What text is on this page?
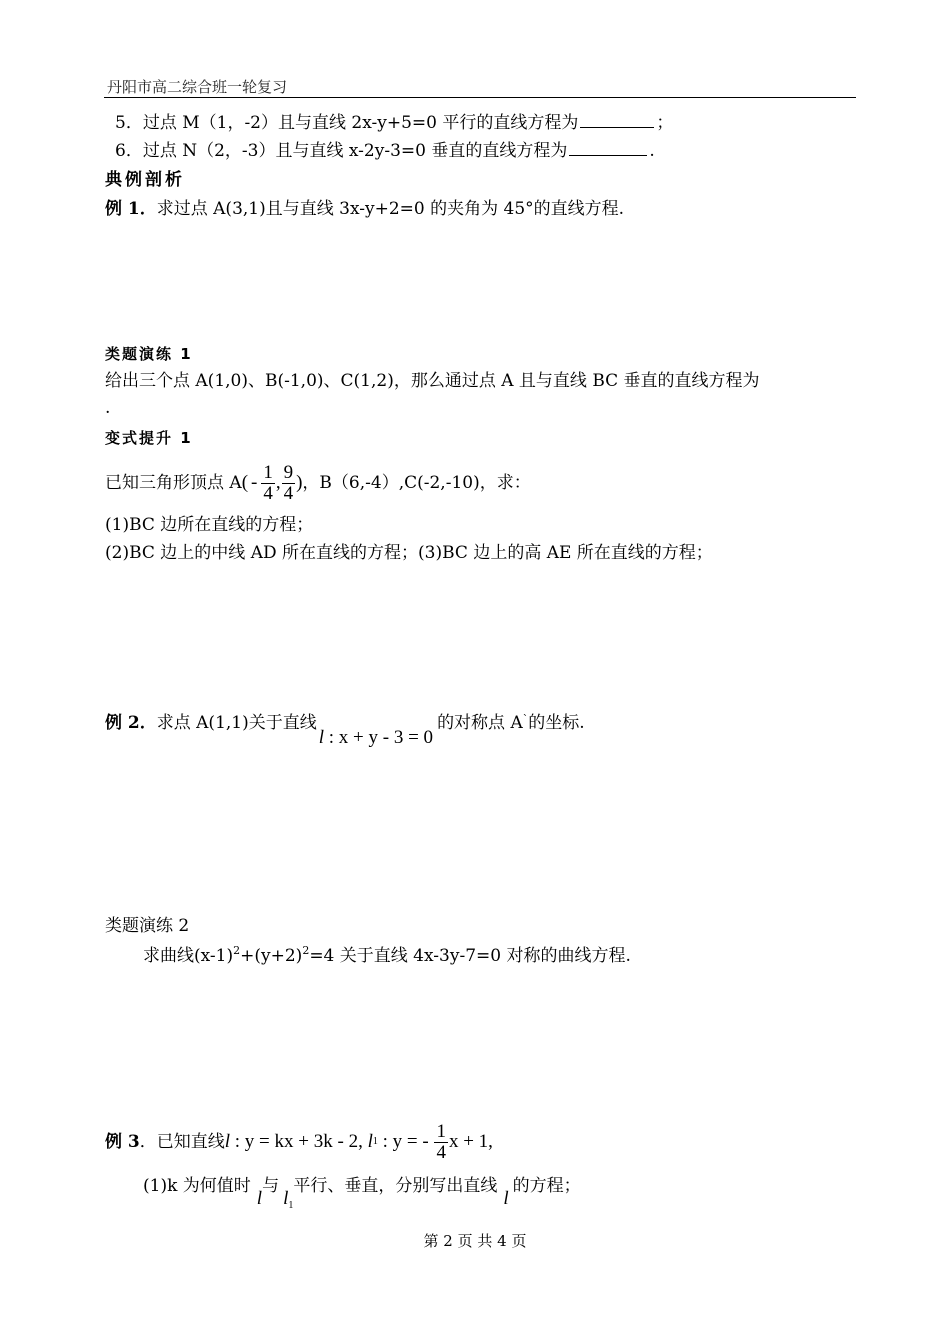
丹阳市高二综合班一轮复习
5．过点 M（1，-2）且与直线 2x-y+5=0 平行的直线方程为	；
6．过点 N（2，-3）且与直线 x-2y-3=0 垂直的直线方程为	.
典例剖析
例 1．求过点 A(3,1)且与直线 3x-y+2=0 的夹角为 45°的直线方程.
类题演练 1
给出三个点 A(1,0)、B(-1,0)、C(1,2)，那么通过点 A 且与直线 BC 垂直的直线方程为
.
变式提升 1
已知三角形顶点 A ( - $\frac{1}{4}$ , $\frac{9}{4}$ ) ，B（6,-4）,C(-2,-10)，求：
(1)BC 边所在直线的方程；
(2)BC 边上的中线 AD 所在直线的方程；(3)BC 边上的高 AE 所在直线的方程；
例 2． 求点 A(1,1)关于直线
l : x + y - 3 = 0
的对称点 A ` 的坐标.
类题演练 2
求曲线$(x-1)^2+(y+2)^2=4$ 关于直线 4x-3y-7=0 对称的曲线方程.
例 3 ．已知直线 l : y = kx + 3k - 2, l 1 : y = - $\frac{1}{4}$ x + 1,
(1)k 为何值时
l
与
$l_1$
平行、垂直，分别写出直线
l
的方程；
第 2 页 共 4 页
